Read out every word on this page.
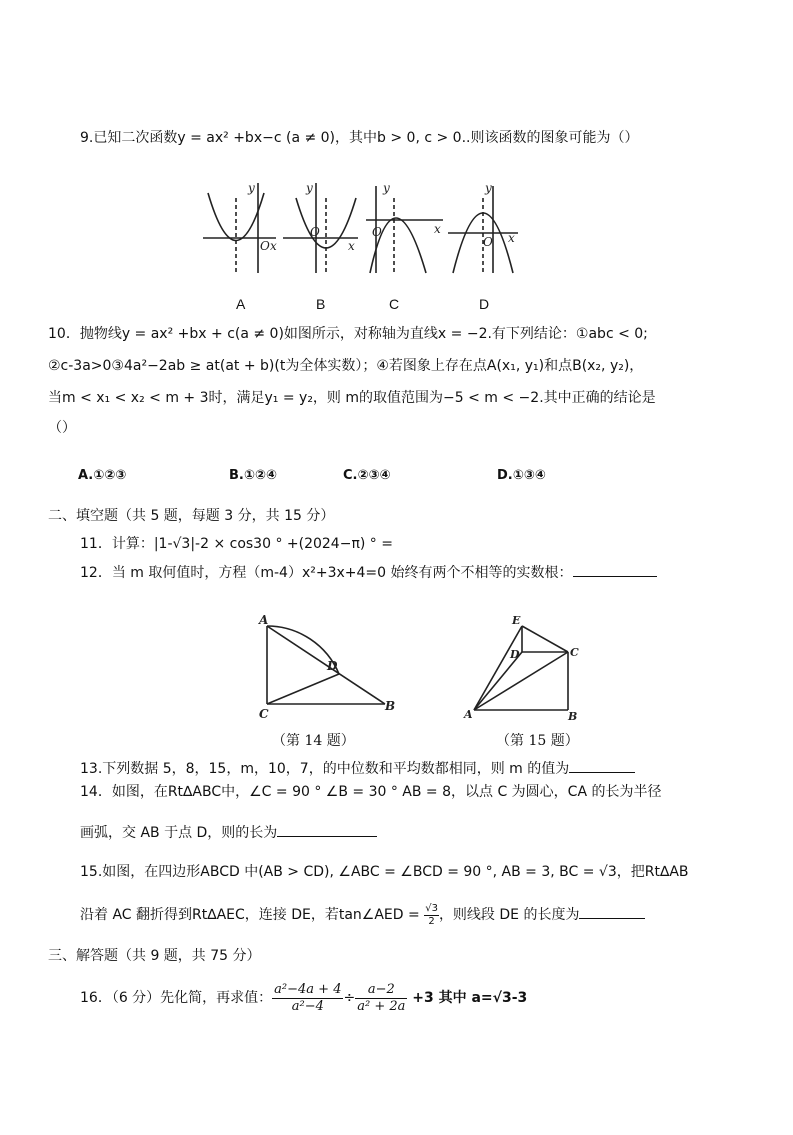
9.已知二次函数y = ax² +bx−c (a ≠ 0)，其中b > 0, c > 0..则该函数的图象可能为（）
y
O x
y
O
x
y
O	x
y
O x
A	B	C	D
10．抛物线y = ax² +bx + c(a ≠ 0)如图所示，对称轴为直线x = −2.有下列结论：①abc < 0;
②c-3a>0③4a²−2ab ≥ at(at + b)(t为全体实数）；④若图象上存在点A(x₁, y₁)和点B(x₂, y₂)，
当m < x₁ < x₂ < m + 3时，满足y₁ = y₂，则 m的取值范围为−5 < m < −2.其中正确的结论是
（）
A.①②③	B.①②④	C.②③④	D.①③④
二、填空题（共 5 题，每题 3 分，共 15 分）
11．计算：|1-√3|-2 × cos30 ° +(2024−π) ° =
12．当 m 取何值时，方程（m-4）x²+3x+4=0 始终有两个不相等的实数根：
A
D
C
B
（第 14 题）
E
D	C
A	B
（第 15 题）
13.下列数据 5，8，15，m，10，7，的中位数和平均数都相同，则 m 的值为
14．如图，在Rt∆ABC中，∠C = 90 ° ∠B = 30 ° AB = 8，以点 C 为圆心，CA 的长为半径
画弧，交 AB 于点 D，则的长为
15.如图，在四边形ABCD 中(AB > CD), ∠ABC = ∠BCD = 90 °, AB = 3, BC = √3，把Rt∆AB
沿着 AC 翻折得到Rt∆AEC，连接 DE，若tan∠AED = $\frac{√3}{2}$ ，则线段 DE 的长度为
三、解答题（共 9 题，共 75 分）
16．（6 分）先化简，再求值： $\frac{\text{a²−4a + 4}}{\text{a²−4}} \div \frac{a-2}{\text{a² + 2a}} +3$ 其中 a=√3-3
